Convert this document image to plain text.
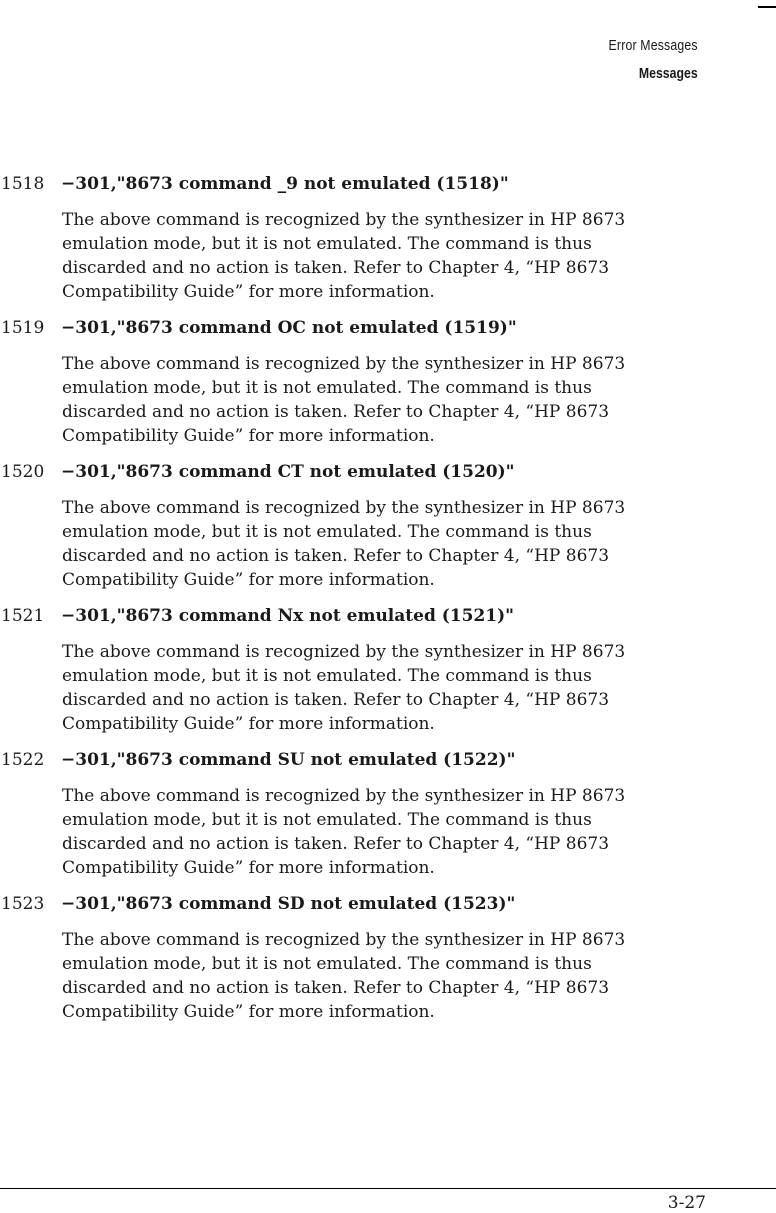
Error Messages
Messages
1518 −301,"8673 command _9 not emulated (1518)"
The above command is recognized by the synthesizer in HP 8673
emulation mode, but it is not emulated. The command is thus
discarded and no action is taken. Refer to Chapter 4, “HP 8673
Compatibility Guide” for more information.
1519 −301,"8673 command OC not emulated (1519)"
The above command is recognized by the synthesizer in HP 8673
emulation mode, but it is not emulated. The command is thus
discarded and no action is taken. Refer to Chapter 4, “HP 8673
Compatibility Guide” for more information.
1520 −301,"8673 command CT not emulated (1520)"
The above command is recognized by the synthesizer in HP 8673
emulation mode, but it is not emulated. The command is thus
discarded and no action is taken. Refer to Chapter 4, “HP 8673
Compatibility Guide” for more information.
1521 −301,"8673 command Nx not emulated (1521)"
The above command is recognized by the synthesizer in HP 8673
emulation mode, but it is not emulated. The command is thus
discarded and no action is taken. Refer to Chapter 4, “HP 8673
Compatibility Guide” for more information.
1522 −301,"8673 command SU not emulated (1522)"
The above command is recognized by the synthesizer in HP 8673
emulation mode, but it is not emulated. The command is thus
discarded and no action is taken. Refer to Chapter 4, “HP 8673
Compatibility Guide” for more information.
1523 −301,"8673 command SD not emulated (1523)"
The above command is recognized by the synthesizer in HP 8673
emulation mode, but it is not emulated. The command is thus
discarded and no action is taken. Refer to Chapter 4, “HP 8673
Compatibility Guide” for more information.
3-27
